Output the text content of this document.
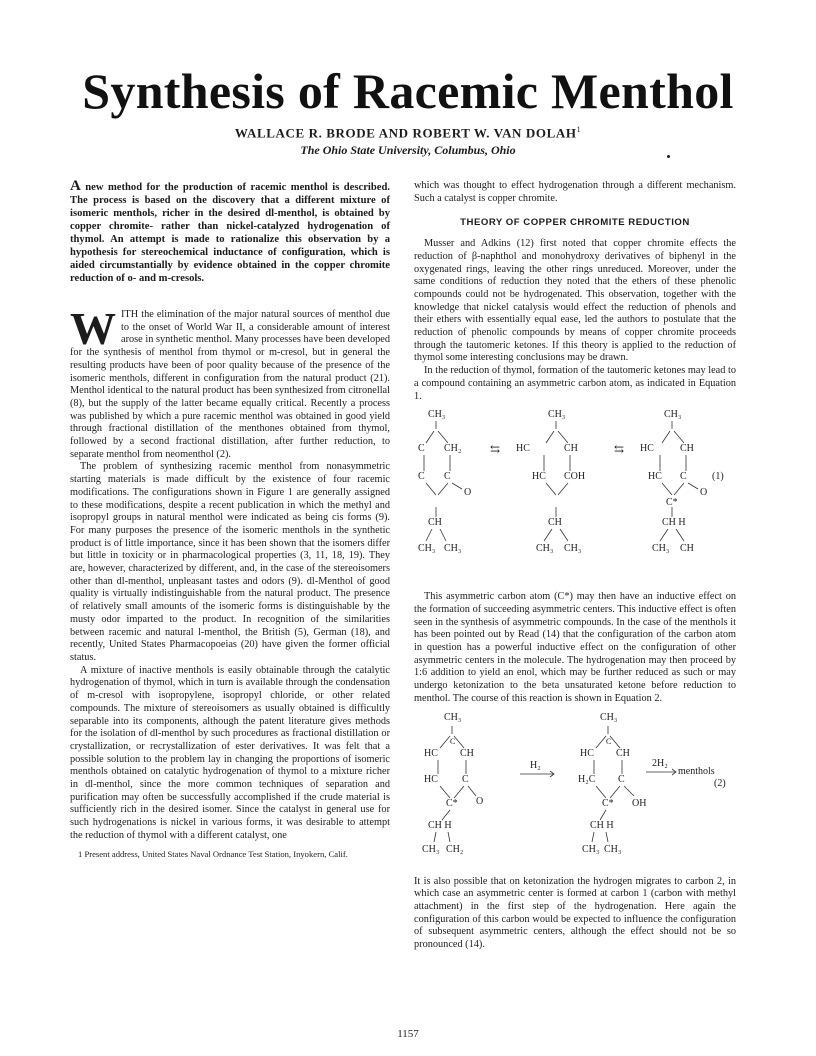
Synthesis of Racemic Menthol
WALLACE R. BRODE AND ROBERT W. VAN DOLAH$^1$
The Ohio State University, Columbus, Ohio
A new method for the production of racemic menthol is described. The process is based on the discovery that a different mixture of isomeric menthols, richer in the desired dl-menthol, is obtained by copper chromite- rather than nickel-catalyzed hydrogenation of thymol. An attempt is made to rationalize this observation by a hypothesis for stereochemical inductance of configuration, which is aided circumstantially by evidence obtained in the copper chromite reduction of o- and m-cresols.

WITH the elimination of the major natural sources of menthol due to the onset of World War II, a considerable amount of interest arose in synthetic menthol. Many processes have been developed for the synthesis of menthol from thymol or m-cresol, but in general the resulting products have been of poor quality because of the presence of the isomeric menthols, different in configuration from the natural product (21). Menthol identical to the natural product has been synthesized from citronellal (8), but the supply of the latter became equally critical. Recently a process was published by which a pure racemic menthol was obtained in good yield through fractional distillation of the menthones obtained from thymol, followed by a second fractional distillation, after further reduction, to separate menthol from neomenthol (2).

The problem of synthesizing racemic menthol from nonasymmetric starting materials is made difficult by the existence of four racemic modifications. The configurations shown in Figure 1 are generally assigned to these modifications, despite a recent publication in which the methyl and isopropyl groups in natural menthol were indicated as being cis forms (9). For many purposes the presence of the isomeric menthols in the synthetic product is of little importance, since it has been shown that the isomers differ but little in toxicity or in pharmacological properties (3, 11, 18, 19). They are, however, characterized by different, and, in the case of the stereoisomers other than dl-menthol, unpleasant tastes and odors (9). dl-Menthol of good quality is virtually indistinguishable from the natural product. The presence of relatively small amounts of the isomeric forms is distinguishable by the musty odor imparted to the product. In recognition of the similarities between racemic and natural l-menthol, the British (5), German (18), and recently, United States Pharmacopoeias (20) have given the former official status.

A mixture of inactive menthols is easily obtainable through the catalytic hydrogenation of thymol, which in turn is available through the condensation of m-cresol with isopropylene, isopropyl chloride, or other related compounds. The mixture of stereoisomers as usually obtained is difficultly separable into its components, although the patent literature gives methods for the isolation of dl-menthol by such procedures as fractional distillation or crystallization, or recrystallization of ester derivatives. It was felt that a possible solution to the problem lay in changing the proportions of isomeric menthols obtained on catalytic hydrogenation of thymol to a mixture richer in dl-menthol, since the more common techniques of separation and purification may often be successfully accomplished if the crude material is sufficiently rich in the desired isomer. Since the catalyst in general use for such hydrogenations is nickel in various forms, it was desirable to attempt the reduction of thymol with a different catalyst, one

1 Present address, United States Naval Ordnance Test Station, Inyokern, Calif.

which was thought to effect hydrogenation through a different mechanism. Such a catalyst is copper chromite.

THEORY OF COPPER CHROMITE REDUCTION

Musser and Adkins (12) first noted that copper chromite effects the reduction of β-naphthol and monohydroxy derivatives of biphenyl in the oxygenated rings, leaving the other rings unreduced. Moreover, under the same conditions of reduction they noted that the ethers of these phenolic compounds could not be hydrogenated. This observation, together with the knowledge that nickel catalysis would effect the reduction of phenols and their ethers with essentially equal ease, led the authors to postulate that the reduction of phenolic compounds by means of copper chromite proceeds through the tautomeric ketones. If this theory is applied to the reduction of thymol some interesting conclusions may be drawn.

In the reduction of thymol, formation of the tautomeric ketones may lead to a compound containing an asymmetric carbon atom, as indicated in Equation 1.

CH₃
C CH₂
C C
O
CH
CH₃ CH₃
⇆
CH₃
HC	CH
HC COH
CH
CH₃ CH₃
⇆
CH₃
HC	CH
HC C
O
C*
CH H
CH₃ CH
(1)

This asymmetric carbon atom (C*) may then have an inductive effect on the formation of succeeding asymmetric centers. This inductive effect is often seen in the synthesis of asymmetric compounds. In the case of the menthols it has been pointed out by Read (14) that the configuration of the carbon atom in question has a powerful inductive effect on the configuration of other asymmetric centers in the molecule. The hydrogenation may then proceed by 1:6 addition to yield an enol, which may be further reduced as such or may undergo ketonization to the beta unsaturated ketone before reduction to menthol. The course of this reaction is shown in Equation 2.

CH₃
C
HC CH
HC C
C* O
CH H
CH₃ CH₂
H₂
CH₃
C
HC CH
H₂C C
C* OH
CH H
CH₃ CH₃
2H₂
menthols
(2)

It is also possible that on ketonization the hydrogen migrates to carbon 2, in which case an asymmetric center is formed at carbon 1 (carbon with methyl attachment) in the first step of the hydrogenation. Here again the configuration of this carbon would be expected to influence the configuration of subsequent asymmetric centers, although the effect should not be so pronounced (14).

1157
